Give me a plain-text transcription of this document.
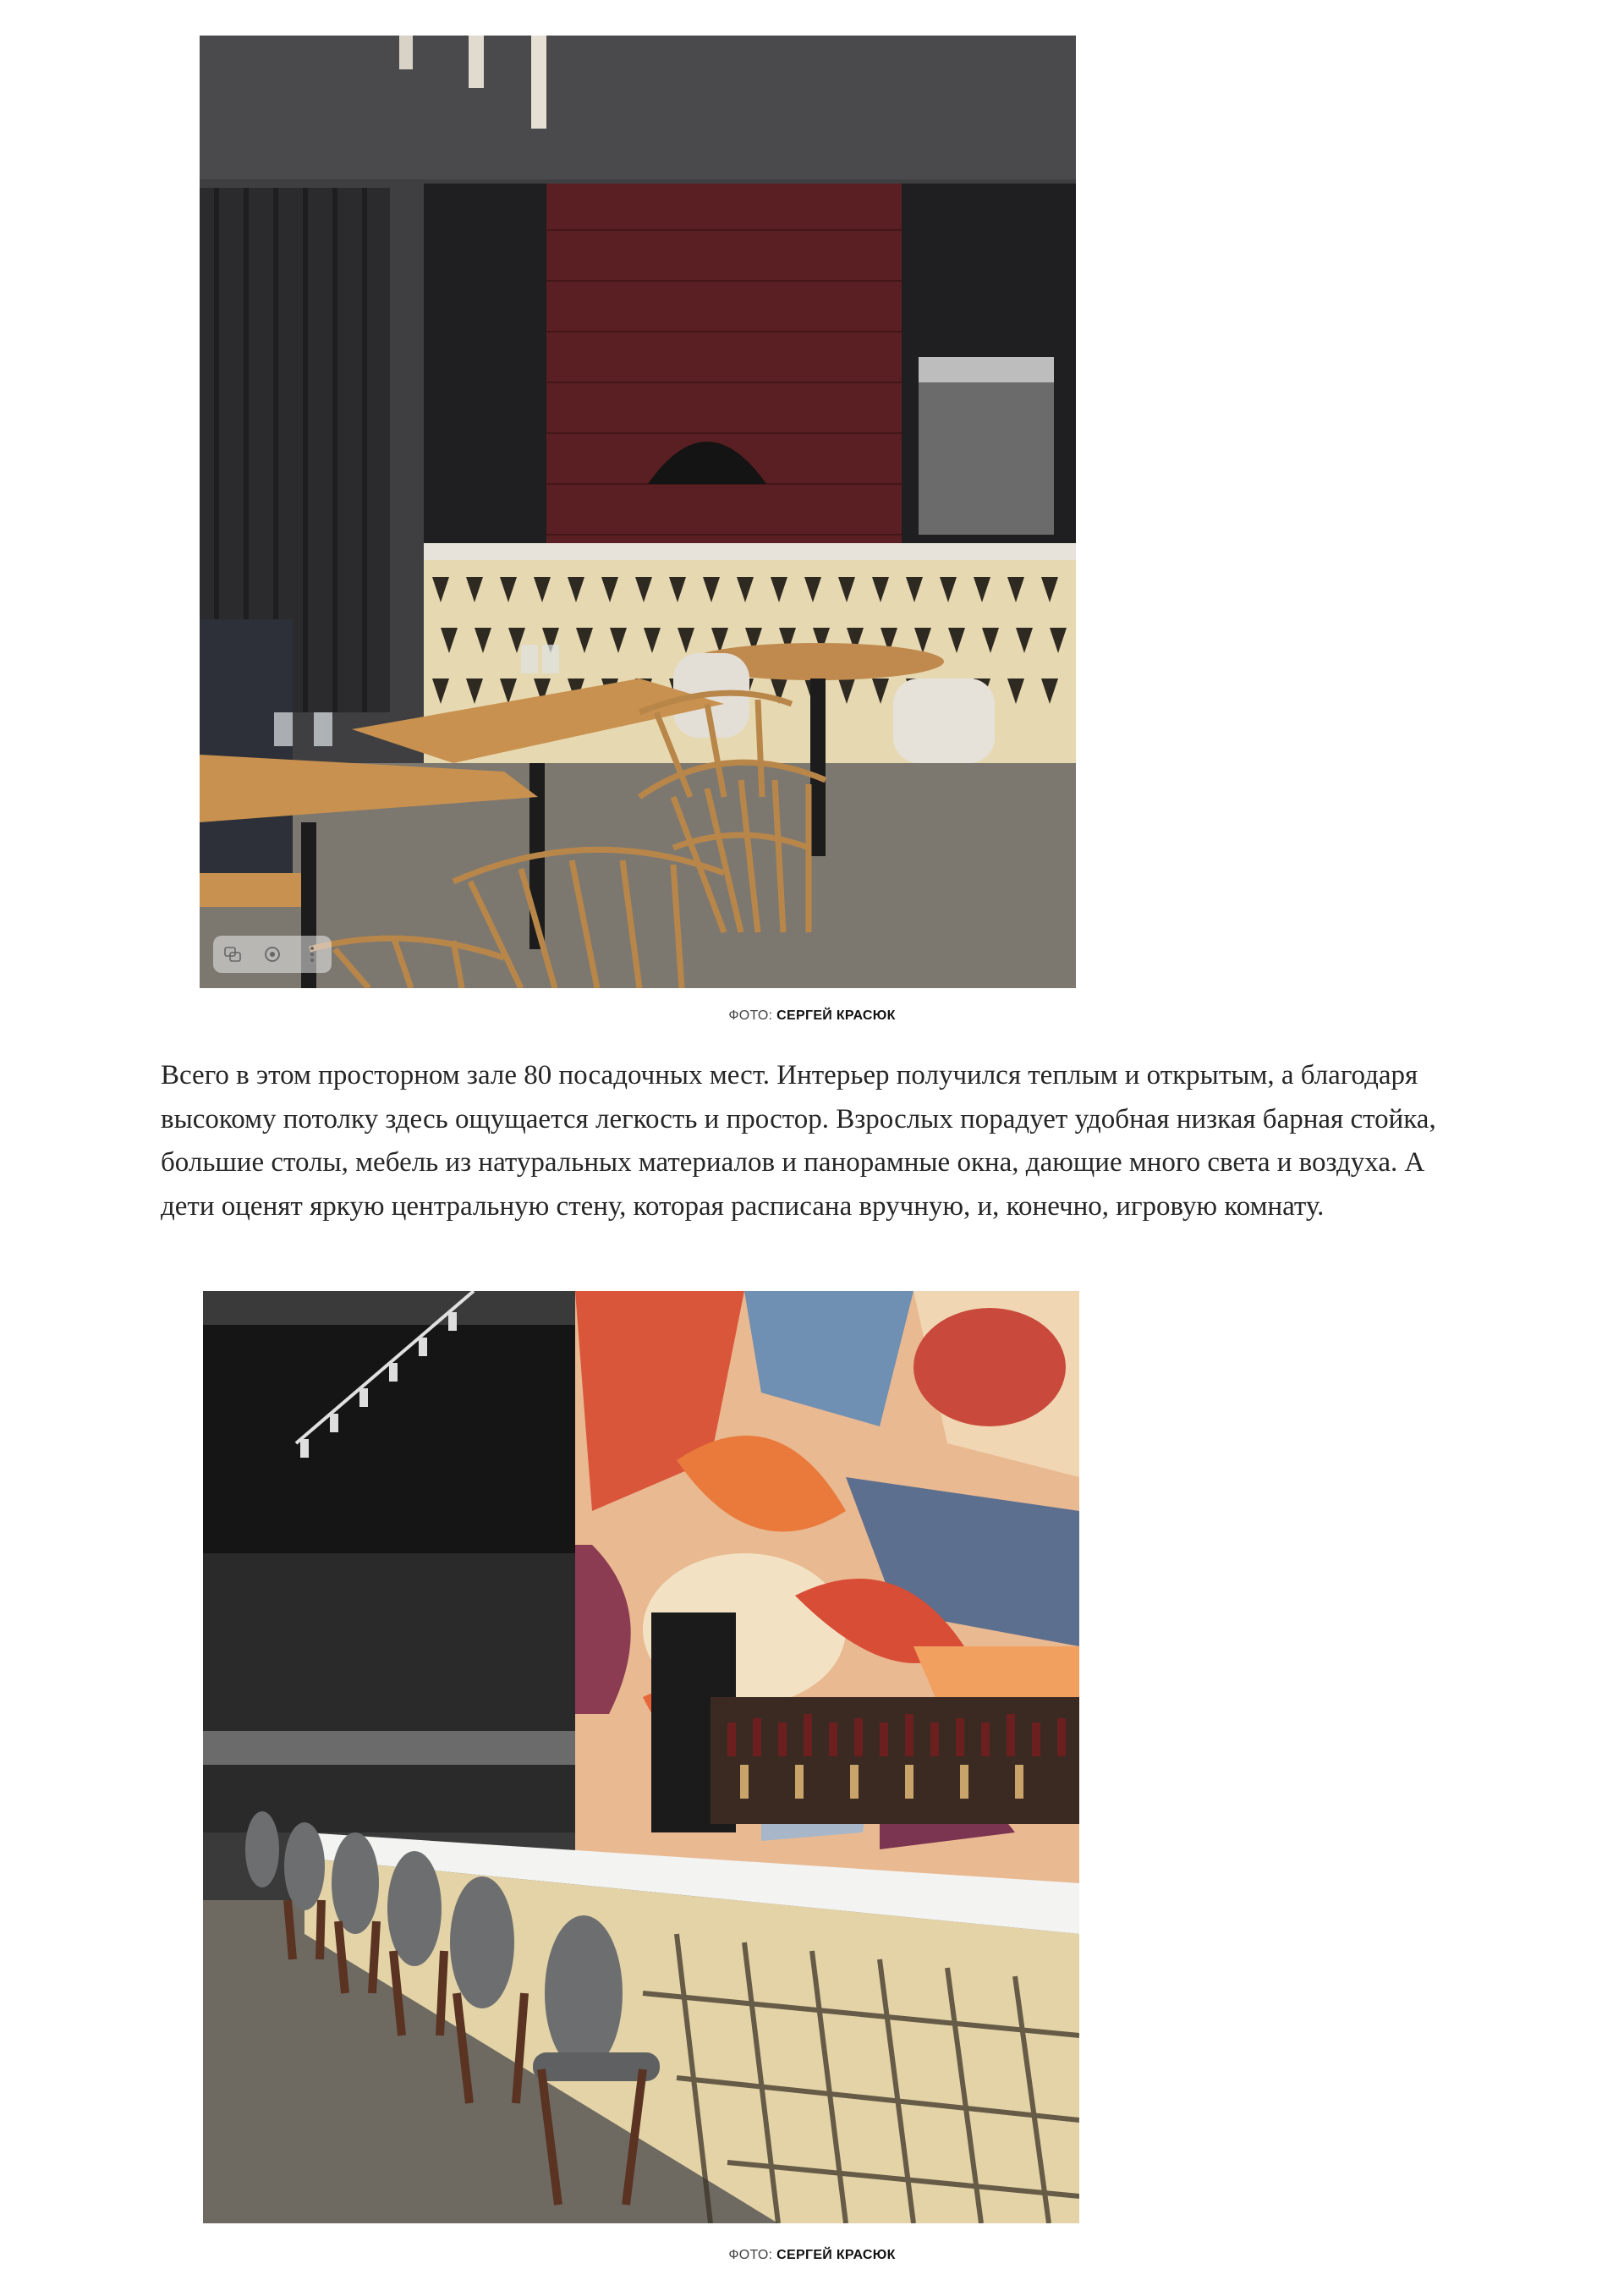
ФОТО: СЕРГЕЙ КРАСЮК

Всего в этом просторном зале 80 посадочных мест. Интерьер получился теплым и открытым, а благодаря высокому потолку здесь ощущается легкость и простор. Взрослых порадует удобная низкая барная стойка, большие столы, мебель из натуральных материалов и панорамные окна, дающие много света и воздуха. А дети оценят яркую центральную стену, которая расписана вручную, и, конечно, игровую комнату.

ФОТО: СЕРГЕЙ КРАСЮК
